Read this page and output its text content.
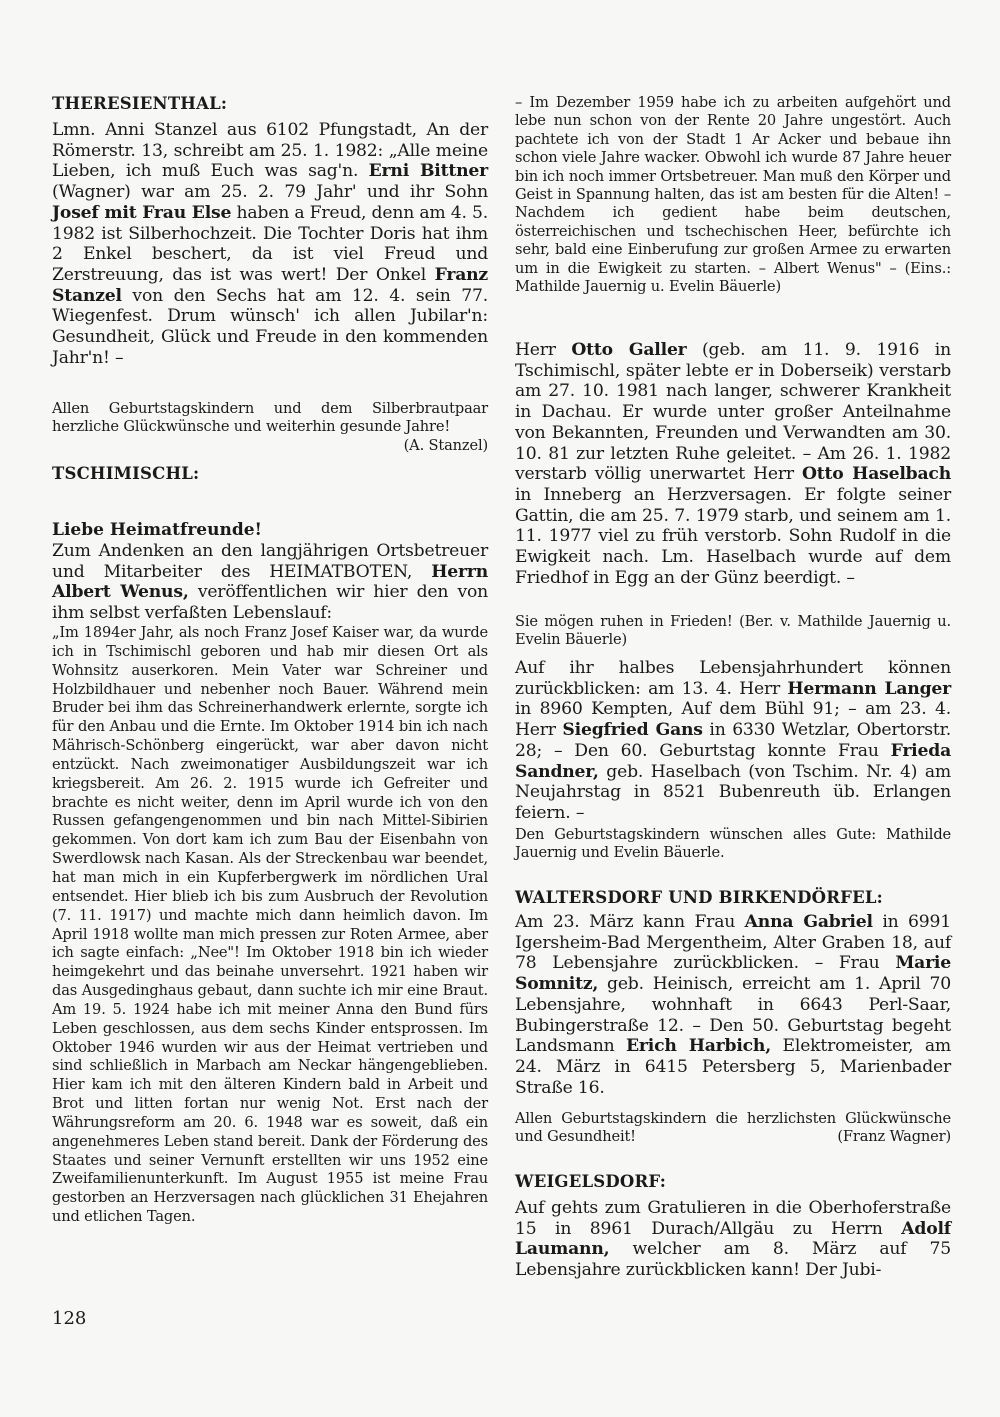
THERESIENTHAL:

Lmn. Anni Stanzel aus 6102 Pfungstadt, An der Römerstr. 13, schreibt am 25. 1. 1982: „Alle meine Lieben, ich muß Euch was sag'n. Erni Bittner (Wagner) war am 25. 2. 79 Jahr' und ihr Sohn Josef mit Frau Else haben a Freud, denn am 4. 5. 1982 ist Silberhochzeit. Die Tochter Doris hat ihm 2 Enkel beschert, da ist viel Freud und Zerstreuung, das ist was wert! Der Onkel Franz Stanzel von den Sechs hat am 12. 4. sein 77. Wiegenfest. Drum wünsch' ich allen Jubilar'n: Gesundheit, Glück und Freude in den kommenden Jahr'n! –

Allen Geburtstagskindern und dem Silberbrautpaar herzliche Glückwünsche und weiterhin gesunde Jahre!
(A. Stanzel)

TSCHIMISCHL:
Liebe Heimatfreunde!

Zum Andenken an den langjährigen Ortsbetreuer und Mitarbeiter des HEIMATBOTEN, Herrn Albert Wenus, veröffentlichen wir hier den von ihm selbst verfaßten Lebenslauf:

„Im 1894er Jahr, als noch Franz Josef Kaiser war, da wurde ich in Tschimischl geboren und hab mir diesen Ort als Wohnsitz auserkoren. Mein Vater war Schreiner und Holzbildhauer und nebenher noch Bauer. Während mein Bruder bei ihm das Schreinerhandwerk erlernte, sorgte ich für den Anbau und die Ernte. Im Oktober 1914 bin ich nach Mährisch-Schönberg eingerückt, war aber davon nicht entzückt. Nach zweimonatiger Ausbildungszeit war ich kriegsbereit. Am 26. 2. 1915 wurde ich Gefreiter und brachte es nicht weiter, denn im April wurde ich von den Russen gefangengenommen und bin nach Mittel-Sibirien gekommen. Von dort kam ich zum Bau der Eisenbahn von Swerdlowsk nach Kasan. Als der Streckenbau war beendet, hat man mich in ein Kupferbergwerk im nördlichen Ural entsendet. Hier blieb ich bis zum Ausbruch der Revolution (7. 11. 1917) und machte mich dann heimlich davon. Im April 1918 wollte man mich pressen zur Roten Armee, aber ich sagte einfach: „Nee"! Im Oktober 1918 bin ich wieder heimgekehrt und das beinahe unversehrt. 1921 haben wir das Ausgedinghaus gebaut, dann suchte ich mir eine Braut. Am 19. 5. 1924 habe ich mit meiner Anna den Bund fürs Leben geschlossen, aus dem sechs Kinder entsprossen. Im Oktober 1946 wurden wir aus der Heimat vertrieben und sind schließlich in Marbach am Neckar hängengeblieben. Hier kam ich mit den älteren Kindern bald in Arbeit und Brot und litten fortan nur wenig Not. Erst nach der Währungsreform am 20. 6. 1948 war es soweit, daß ein angenehmeres Leben stand bereit. Dank der Förderung des Staates und seiner Vernunft erstellten wir uns 1952 eine Zweifamilienunterkunft. Im August 1955 ist meine Frau gestorben an Herzversagen nach glücklichen 31 Ehejahren und etlichen Tagen.

– Im Dezember 1959 habe ich zu arbeiten aufgehört und lebe nun schon von der Rente 20 Jahre ungestört. Auch pachtete ich von der Stadt 1 Ar Acker und bebaue ihn schon viele Jahre wacker. Obwohl ich wurde 87 Jahre heuer bin ich noch immer Ortsbetreuer. Man muß den Körper und Geist in Spannung halten, das ist am besten für die Alten! – Nachdem ich gedient habe beim deutschen, österreichischen und tschechischen Heer, befürchte ich sehr, bald eine Einberufung zur großen Armee zu erwarten um in die Ewigkeit zu starten. – Albert Wenus" – (Eins.: Mathilde Jauernig u. Evelin Bäuerle)

Herr Otto Galler (geb. am 11. 9. 1916 in Tschimischl, später lebte er in Doberseik) verstarb am 27. 10. 1981 nach langer, schwerer Krankheit in Dachau. Er wurde unter großer Anteilnahme von Bekannten, Freunden und Verwandten am 30. 10. 81 zur letzten Ruhe geleitet. – Am 26. 1. 1982 verstarb völlig unerwartet Herr Otto Haselbach in Inneberg an Herzversagen. Er folgte seiner Gattin, die am 25. 7. 1979 starb, und seinem am 1. 11. 1977 viel zu früh verstorb. Sohn Rudolf in die Ewigkeit nach. Lm. Haselbach wurde auf dem Friedhof in Egg an der Günz beerdigt. –

Sie mögen ruhen in Frieden! (Ber. v. Mathilde Jauernig u. Evelin Bäuerle)

Auf ihr halbes Lebensjahrhundert können zurückblicken: am 13. 4. Herr Hermann Langer in 8960 Kempten, Auf dem Bühl 91; – am 23. 4. Herr Siegfried Gans in 6330 Wetzlar, Obertorstr. 28; – Den 60. Geburtstag konnte Frau Frieda Sandner, geb. Haselbach (von Tschim. Nr. 4) am Neujahrstag in 8521 Bubenreuth üb. Erlangen feiern. –

Den Geburtstagskindern wünschen alles Gute: Mathilde Jauernig und Evelin Bäuerle.

WALTERSDORF UND BIRKENDÖRFEL:

Am 23. März kann Frau Anna Gabriel in 6991 Igersheim-Bad Mergentheim, Alter Graben 18, auf 78 Lebensjahre zurückblicken. – Frau Marie Somnitz, geb. Heinisch, erreicht am 1. April 70 Lebensjahre, wohnhaft in 6643 Perl-Saar, Bubingerstraße 12. – Den 50. Geburtstag begeht Landsmann Erich Harbich, Elektromeister, am 24. März in 6415 Petersberg 5, Marienbader Straße 16.

Allen Geburtstagskindern die herzlichsten Glückwünsche und Gesundheit!	(Franz Wagner)

WEIGELSDORF:

Auf gehts zum Gratulieren in die Oberhoferstraße 15 in 8961 Durach/Allgäu zu Herrn Adolf Laumann, welcher am 8. März auf 75 Lebensjahre zurückblicken kann! Der Jubi-

128
